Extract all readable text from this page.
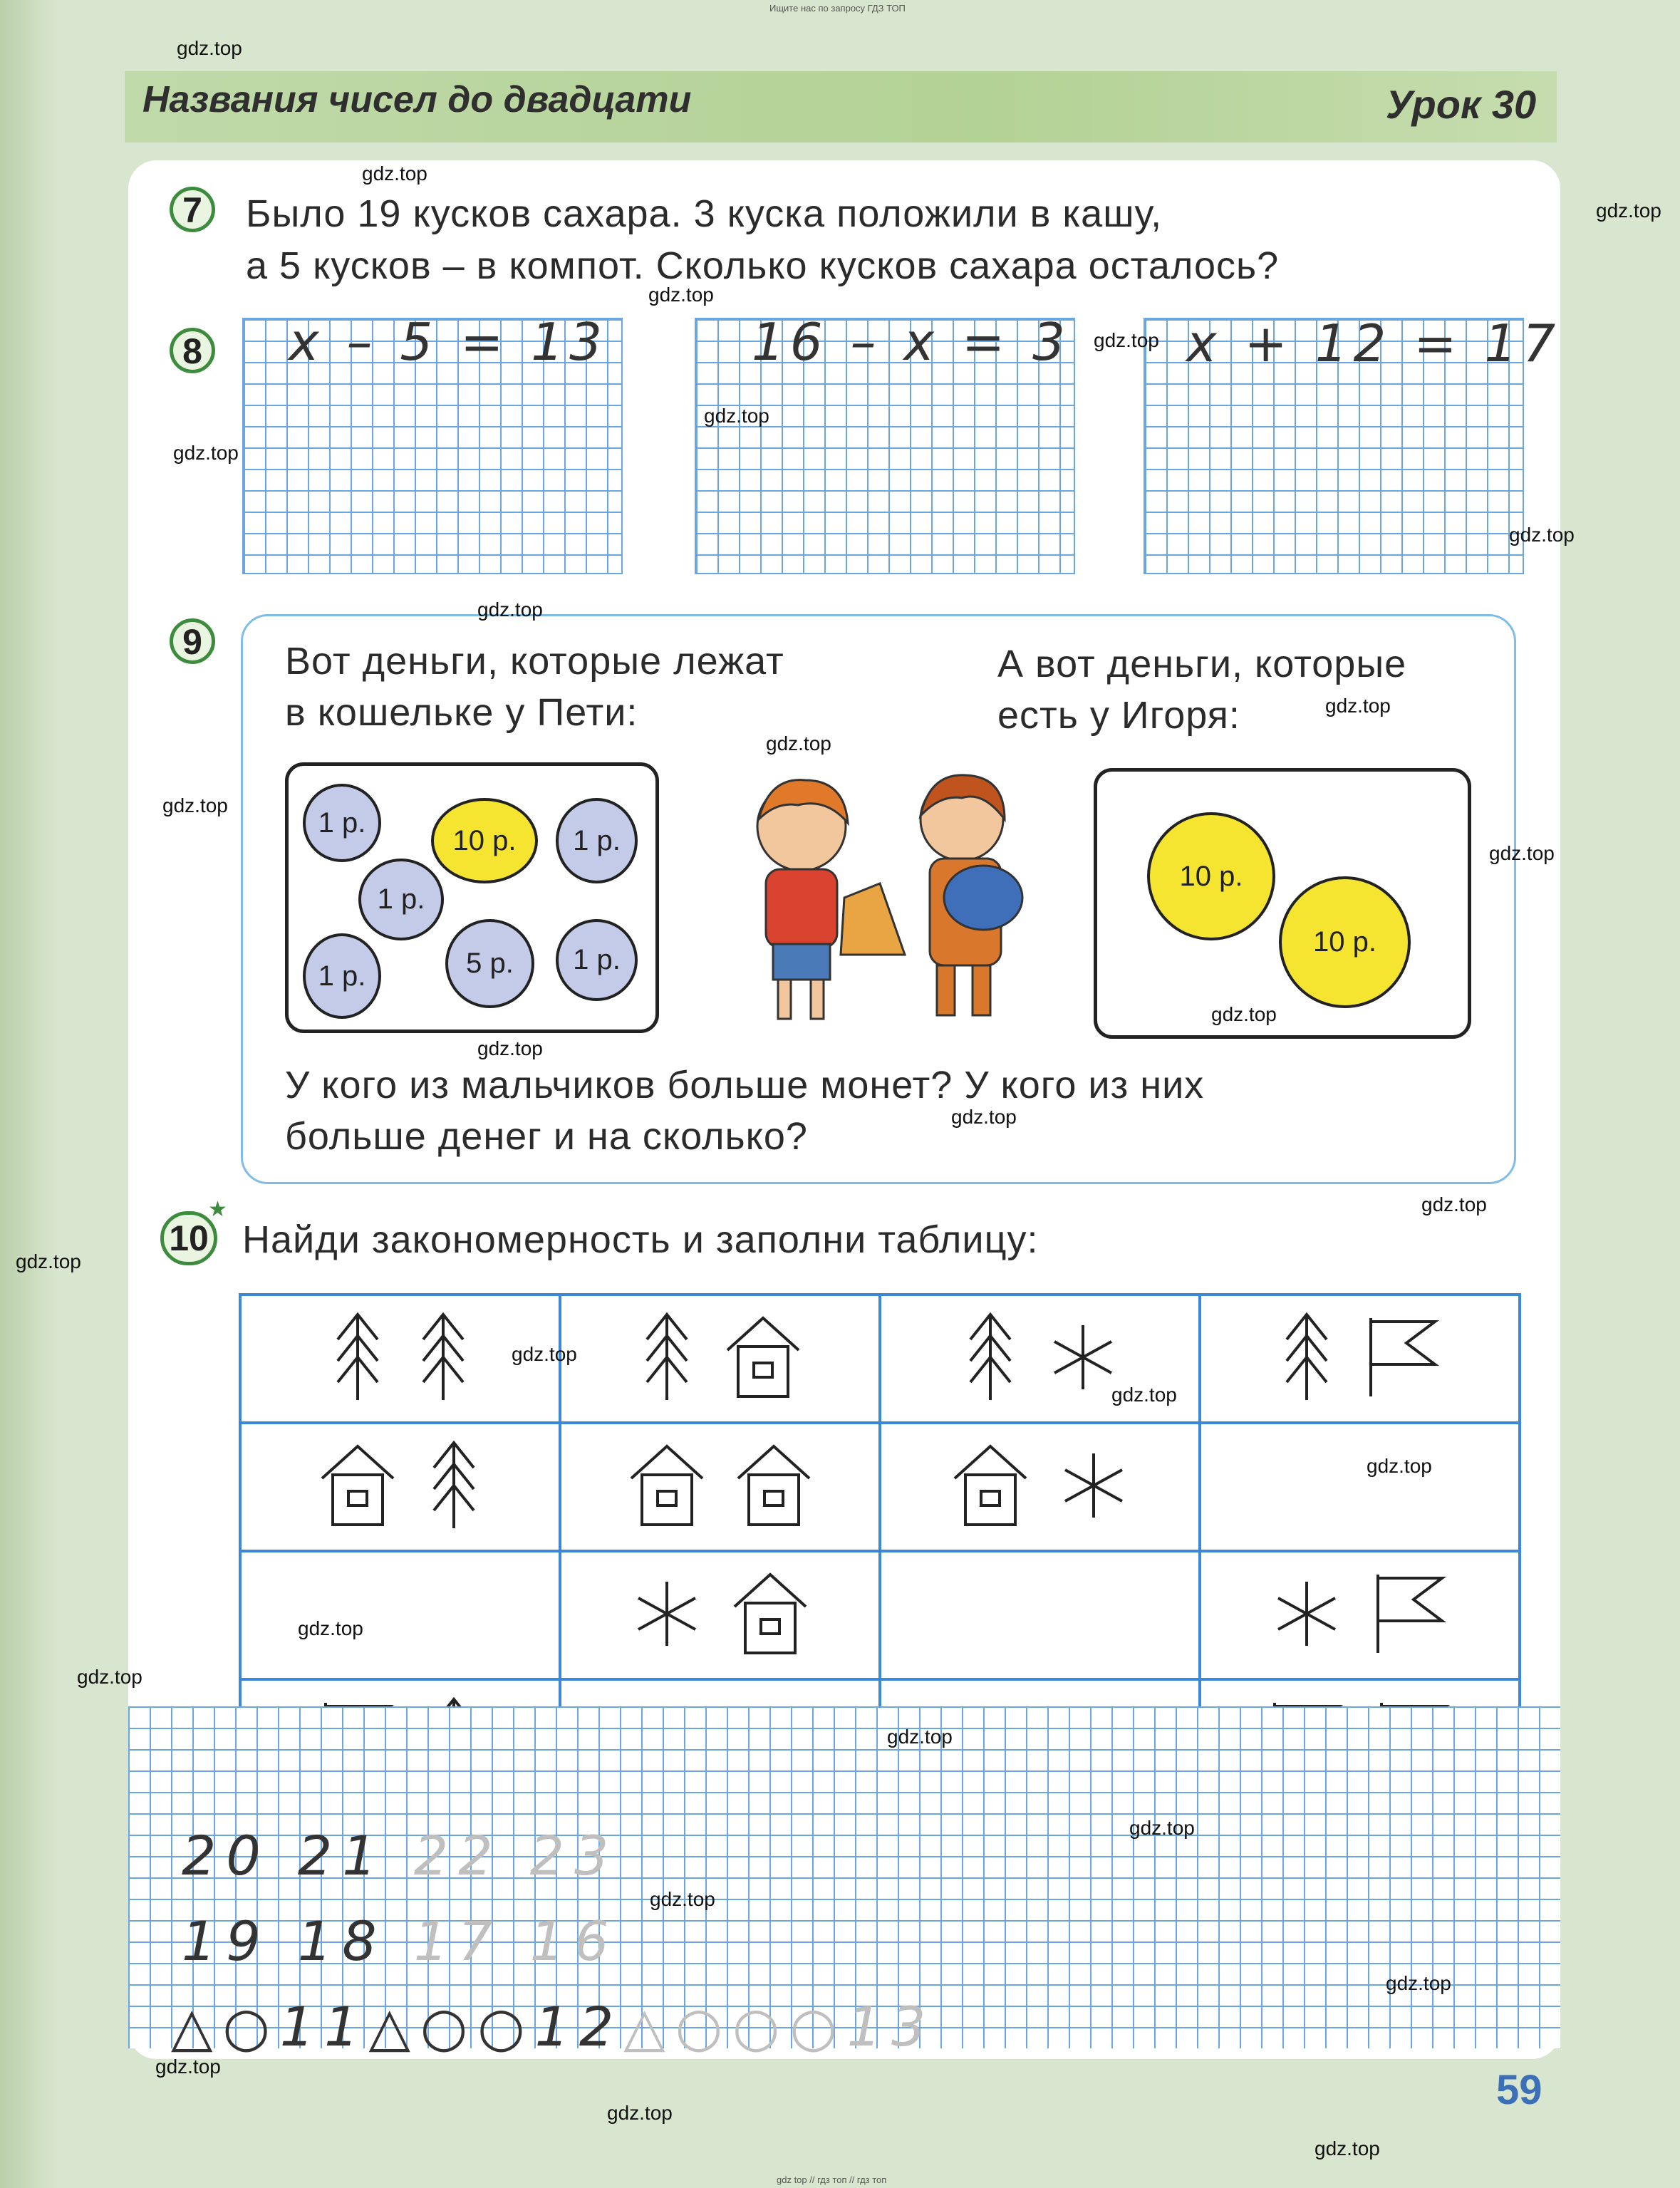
Ищите нас по запросу ГДЗ ТОП
Названия чисел до двадцати	Урок 30
7	Было 19 кусков сахара. 3 куска положили в кашу,
а 5 кусков – в компот. Сколько кусков сахара осталось?
8 x – 5 = 13	16 – x = 3 x + 12 = 17
9	Вот деньги, которые лежат
в кошельке у Пети:
А вот деньги, которые
есть у Игоря:
1 р.
10 р.	1 р.
1 р.
1 р.	5 р.	1 р.
10 р.
10 р.
У кого из мальчиков больше монет? У кого из них
больше денег и на сколько?
10
★
Найди закономерность и заполни таблицу:

20 21 22 23
19 18 17 16
△○11△○○12△○○○13
59
gdz top // гдз топ // гдз топ
gdz.top
gdz.top
gdz.top
gdz.top
gdz.top
gdz.top
gdz.top
gdz.top
gdz.top
gdz.top
gdz.top
gdz.top
gdz.top
gdz.top
gdz.top
gdz.top
gdz.top
gdz.top
gdz.top
gdz.top
gdz.top
gdz.top
gdz.top
gdz.top
gdz.top
gdz.top
gdz.top
gdz.top
gdz.top
gdz.top
